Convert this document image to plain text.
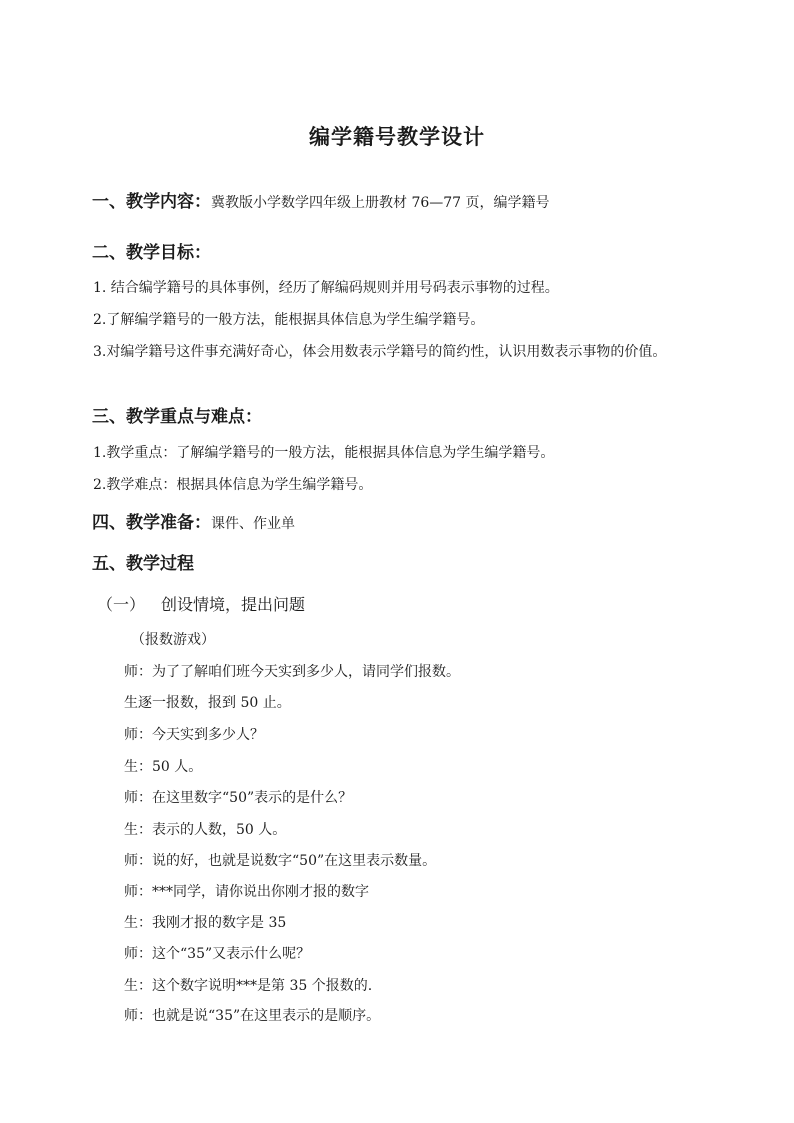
编学籍号教学设计
一、教学内容：冀教版小学数学四年级上册教材 76—77 页，编学籍号
二、教学目标：
1. 结合编学籍号的具体事例，经历了解编码规则并用号码表示事物的过程。
2.了解编学籍号的一般方法，能根据具体信息为学生编学籍号。
3.对编学籍号这件事充满好奇心，体会用数表示学籍号的简约性，认识用数表示事物的价值。
三、教学重点与难点：
1.教学重点：了解编学籍号的一般方法，能根据具体信息为学生编学籍号。
2.教学难点：根据具体信息为学生编学籍号。
四、教学准备：课件、作业单
五、教学过程
（一） 创设情境，提出问题
（报数游戏）
师：为了了解咱们班今天实到多少人，请同学们报数。
生逐一报数，报到 50 止。
师：今天实到多少人？
生：50 人。
师：在这里数字“50”表示的是什么？
生：表示的人数，50 人。
师：说的好，也就是说数字“50”在这里表示数量。
师：***同学，请你说出你刚才报的数字
生：我刚才报的数字是 35
师：这个“35”又表示什么呢？
生：这个数字说明***是第 35 个报数的.
师：也就是说“35”在这里表示的是顺序。
